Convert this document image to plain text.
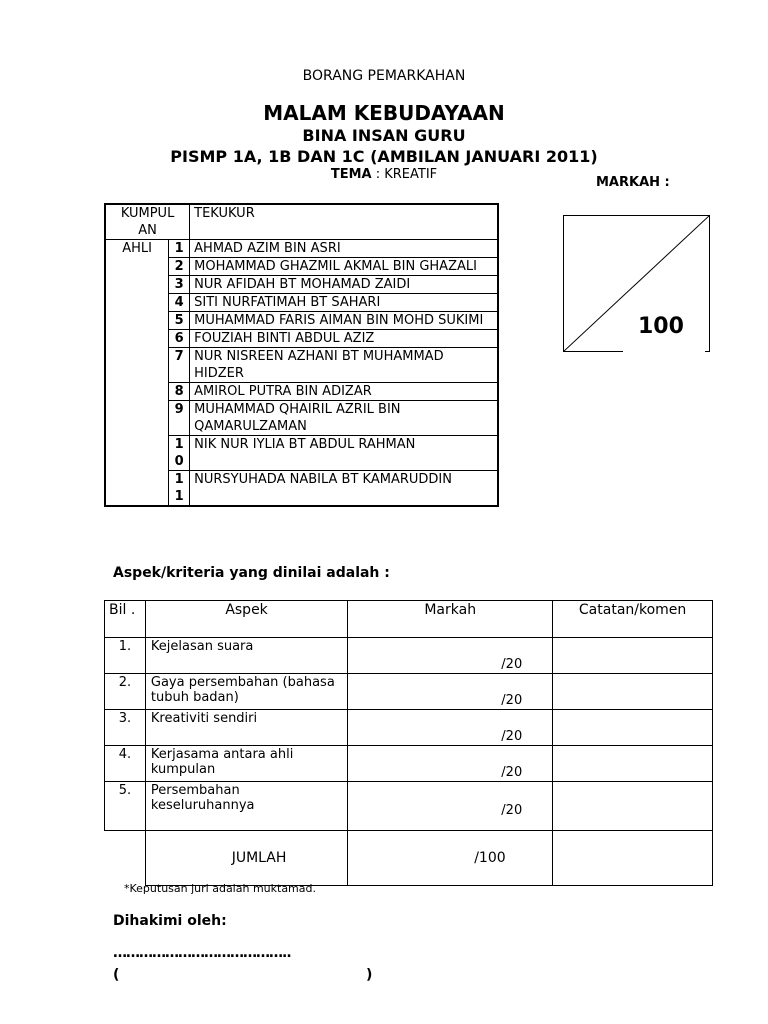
BORANG PEMARKAHAN
MALAM KEBUDAYAAN
BINA INSAN GURU
PISMP 1A, 1B DAN 1C (AMBILAN JANUARI 2011)
TEMA : KREATIF
MARKAH :
KUMPUL AN		TEKUKUR
AHLI	1	AHMAD AZIM BIN ASRI
	2	MOHAMMAD GHAZMIL AKMAL BIN GHAZALI
	3	NUR AFIDAH BT MOHAMAD ZAIDI
	4	SITI NURFATIMAH BT SAHARI
	5	MUHAMMAD FARIS AIMAN BIN MOHD SUKIMI
	6	FOUZIAH BINTI ABDUL AZIZ
	7	NUR NISREEN AZHANI BT MUHAMMAD HIDZER
	8	AMIROL PUTRA BIN ADIZAR
	9	MUHAMMAD QHAIRIL AZRIL BIN QAMARULZAMAN
	10	NIK NUR IYLIA BT ABDUL RAHMAN
	11	NURSYUHADA NABILA BT KAMARUDDIN
100
Aspek/kriteria yang dinilai adalah :
Bil .	Aspek	Markah	Catatan/komen
1.	Kejelasan suara	/20	
2.	Gaya persembahan (bahasa tubuh badan)	/20	
3.	Kreativiti sendiri	/20	
4.	Kerjasama antara ahli kumpulan	/20	
5.	Persembahan keseluruhannya	/20	
	JUMLAH	/100	
*Keputusan juri adalah muktamad.
Dihakimi oleh:
…………………………………..
(	)
